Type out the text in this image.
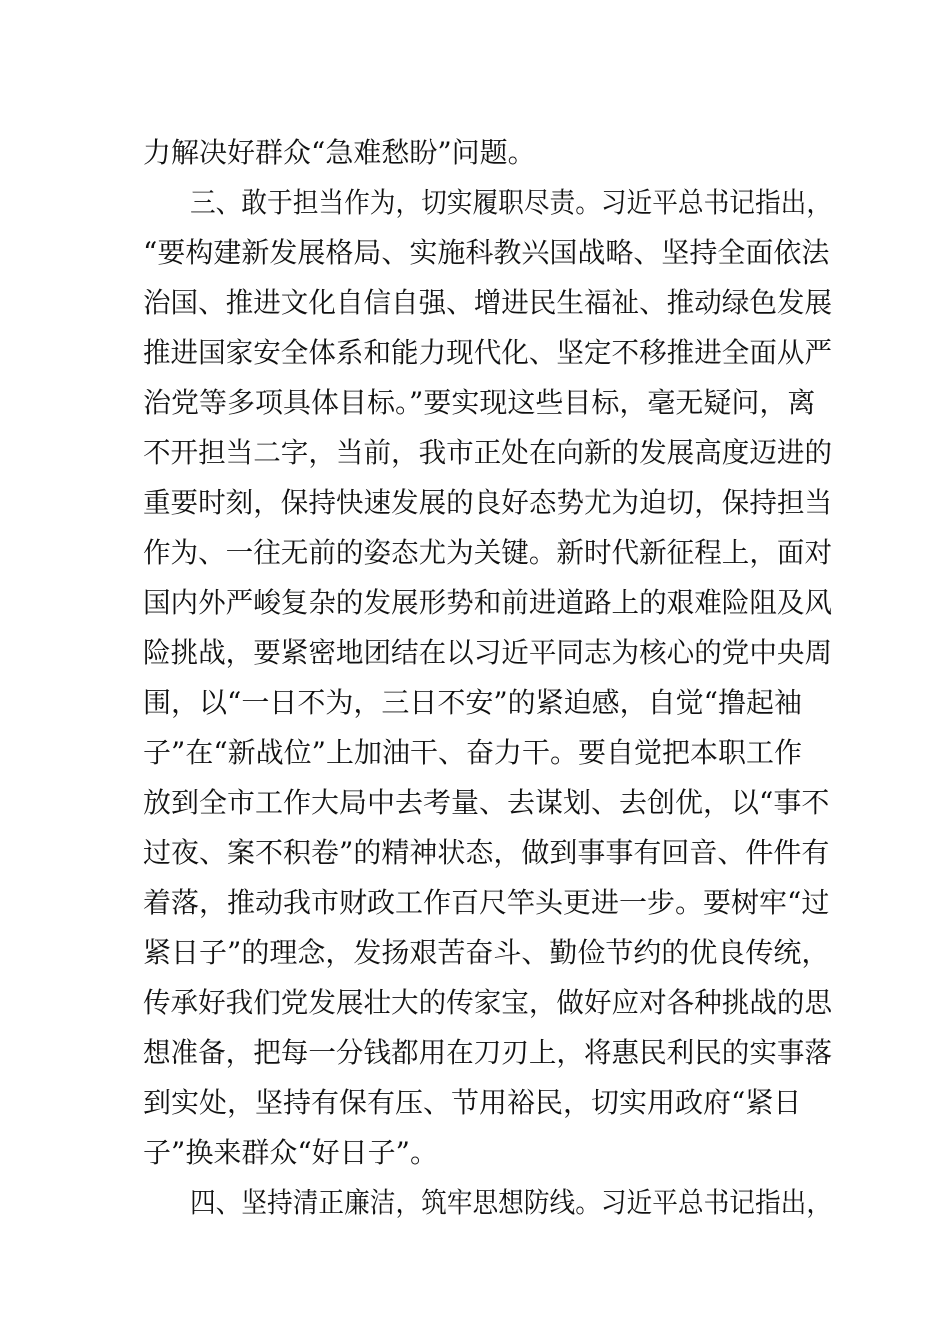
力解决好群众“急难愁盼”问题。
三、敢于担当作为，切实履职尽责。习近平总书记指出，
“要构建新发展格局、实施科教兴国战略、坚持全面依法
治国、推进文化自信自强、增进民生福祉、推动绿色发展
推进国家安全体系和能力现代化、坚定不移推进全面从严
治党等多项具体目标。”要实现这些目标，毫无疑问，离
不开担当二字，当前，我市正处在向新的发展高度迈进的
重要时刻，保持快速发展的良好态势尤为迫切，保持担当
作为、一往无前的姿态尤为关键。新时代新征程上，面对
国内外严峻复杂的发展形势和前进道路上的艰难险阻及风
险挑战，要紧密地团结在以习近平同志为核心的党中央周
围，以“一日不为，三日不安”的紧迫感，自觉“撸起袖
子”在“新战位”上加油干、奋力干。要自觉把本职工作
放到全市工作大局中去考量、去谋划、去创优，以“事不
过夜、案不积卷”的精神状态，做到事事有回音、件件有
着落，推动我市财政工作百尺竿头更进一步。要树牢“过
紧日子”的理念，发扬艰苦奋斗、勤俭节约的优良传统，
传承好我们党发展壮大的传家宝，做好应对各种挑战的思
想准备，把每一分钱都用在刀刃上，将惠民利民的实事落
到实处，坚持有保有压、节用裕民，切实用政府“紧日
子”换来群众“好日子”。
四、坚持清正廉洁，筑牢思想防线。习近平总书记指出，
